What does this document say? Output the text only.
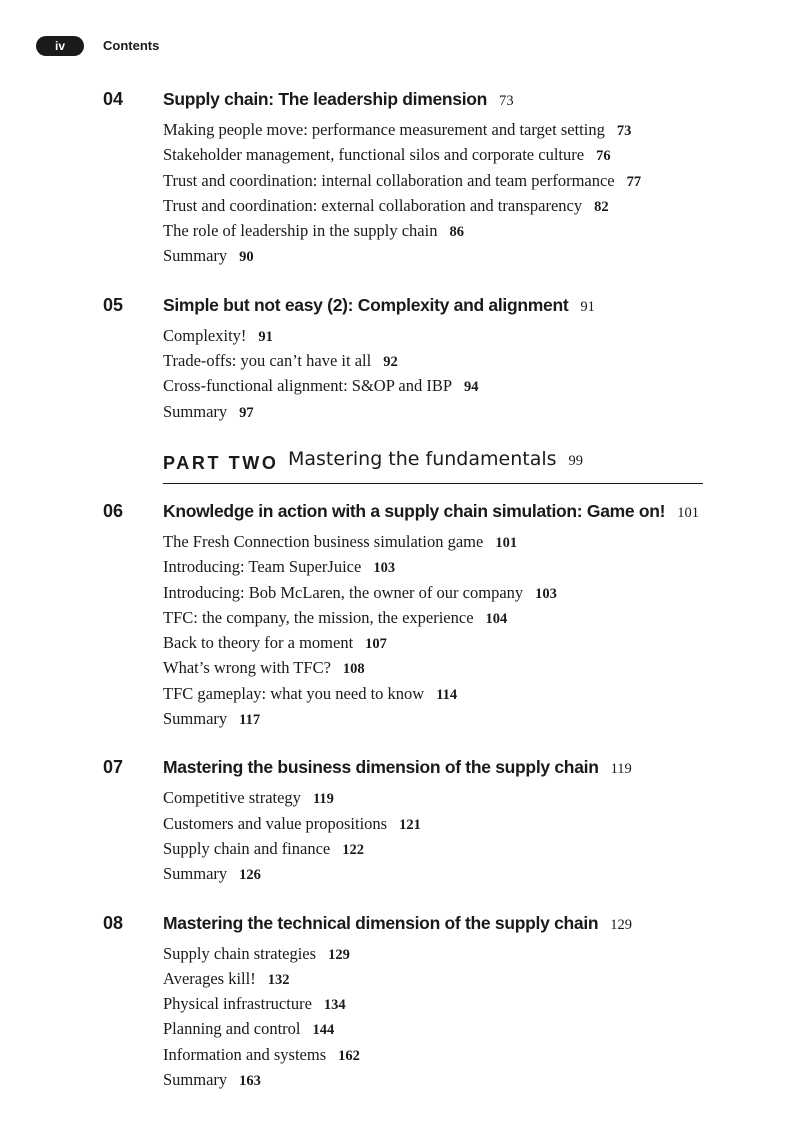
iv	Contents
04 Supply chain: The leadership dimension 73
Making people move: performance measurement and target setting 73
Stakeholder management, functional silos and corporate culture 76
Trust and coordination: internal collaboration and team performance 77
Trust and coordination: external collaboration and transparency 82
The role of leadership in the supply chain 86
Summary 90
05 Simple but not easy (2): Complexity and alignment 91
Complexity! 91
Trade-offs: you can’t have it all 92
Cross-functional alignment: S&OP and IBP 94
Summary 97
PART TWO Mastering the fundamentals 99
06 Knowledge in action with a supply chain simulation: Game on! 101
The Fresh Connection business simulation game 101
Introducing: Team SuperJuice 103
Introducing: Bob McLaren, the owner of our company 103
TFC: the company, the mission, the experience 104
Back to theory for a moment 107
What’s wrong with TFC? 108
TFC gameplay: what you need to know 114
Summary 117
07 Mastering the business dimension of the supply chain 119
Competitive strategy 119
Customers and value propositions 121
Supply chain and finance 122
Summary 126
08 Mastering the technical dimension of the supply chain 129
Supply chain strategies 129
Averages kill! 132
Physical infrastructure 134
Planning and control 144
Information and systems 162
Summary 163
